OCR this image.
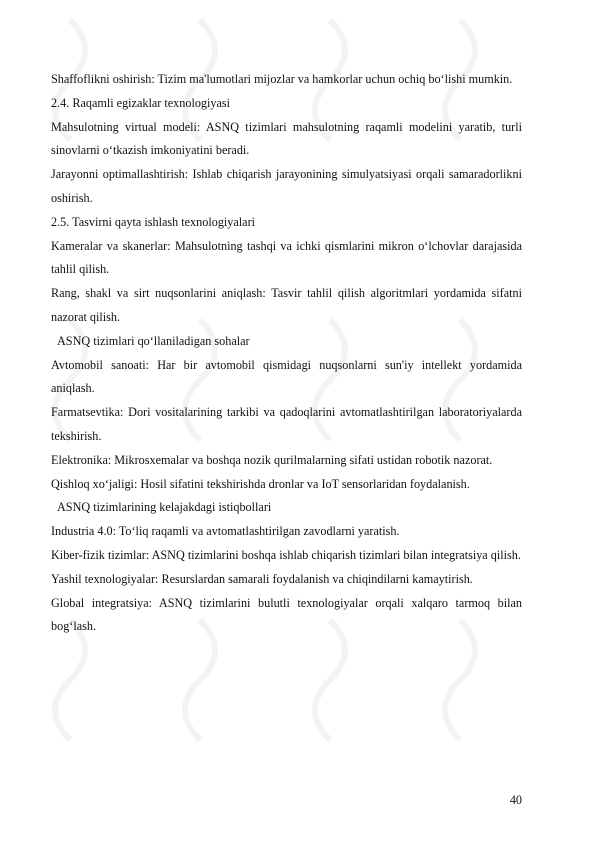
Shaffoflikni oshirish: Tizim ma'lumotlari mijozlar va hamkorlar uchun ochiq bo‘lishi mumkin.

2.4. Raqamli egizaklar texnologiyasi

Mahsulotning virtual modeli: ASNQ tizimlari mahsulotning raqamli modelini yaratib, turli sinovlarni o‘tkazish imkoniyatini beradi.

Jarayonni optimallashtirish: Ishlab chiqarish jarayonining simulyatsiyasi orqali samaradorlikni oshirish.

2.5. Tasvirni qayta ishlash texnologiyalari

Kameralar va skanerlar: Mahsulotning tashqi va ichki qismlarini mikron o‘lchovlar darajasida tahlil qilish.

Rang, shakl va sirt nuqsonlarini aniqlash: Tasvir tahlil qilish algoritmlari yordamida sifatni nazorat qilish.

ASNQ tizimlari qo‘llaniladigan sohalar

Avtomobil sanoati: Har bir avtomobil qismidagi nuqsonlarni sun'iy intellekt yordamida aniqlash.

Farmatsevtika: Dori vositalarining tarkibi va qadoqlarini avtomatlashtirilgan laboratoriyalarda tekshirish.

Elektronika: Mikrosxemalar va boshqa nozik qurilmalarning sifati ustidan robotik nazorat.

Qishloq xo‘jaligi: Hosil sifatini tekshirishda dronlar va IoT sensorlaridan foydalanish.

ASNQ tizimlarining kelajakdagi istiqbollari

Industria 4.0: To‘liq raqamli va avtomatlashtirilgan zavodlarni yaratish.

Kiber-fizik tizimlar: ASNQ tizimlarini boshqa ishlab chiqarish tizimlari bilan integratsiya qilish.

Yashil texnologiyalar: Resurslardan samarali foydalanish va chiqindilarni kamaytirish.

Global integratsiya: ASNQ tizimlarini bulutli texnologiyalar orqali xalqaro tarmoq bilan bog‘lash.

40
